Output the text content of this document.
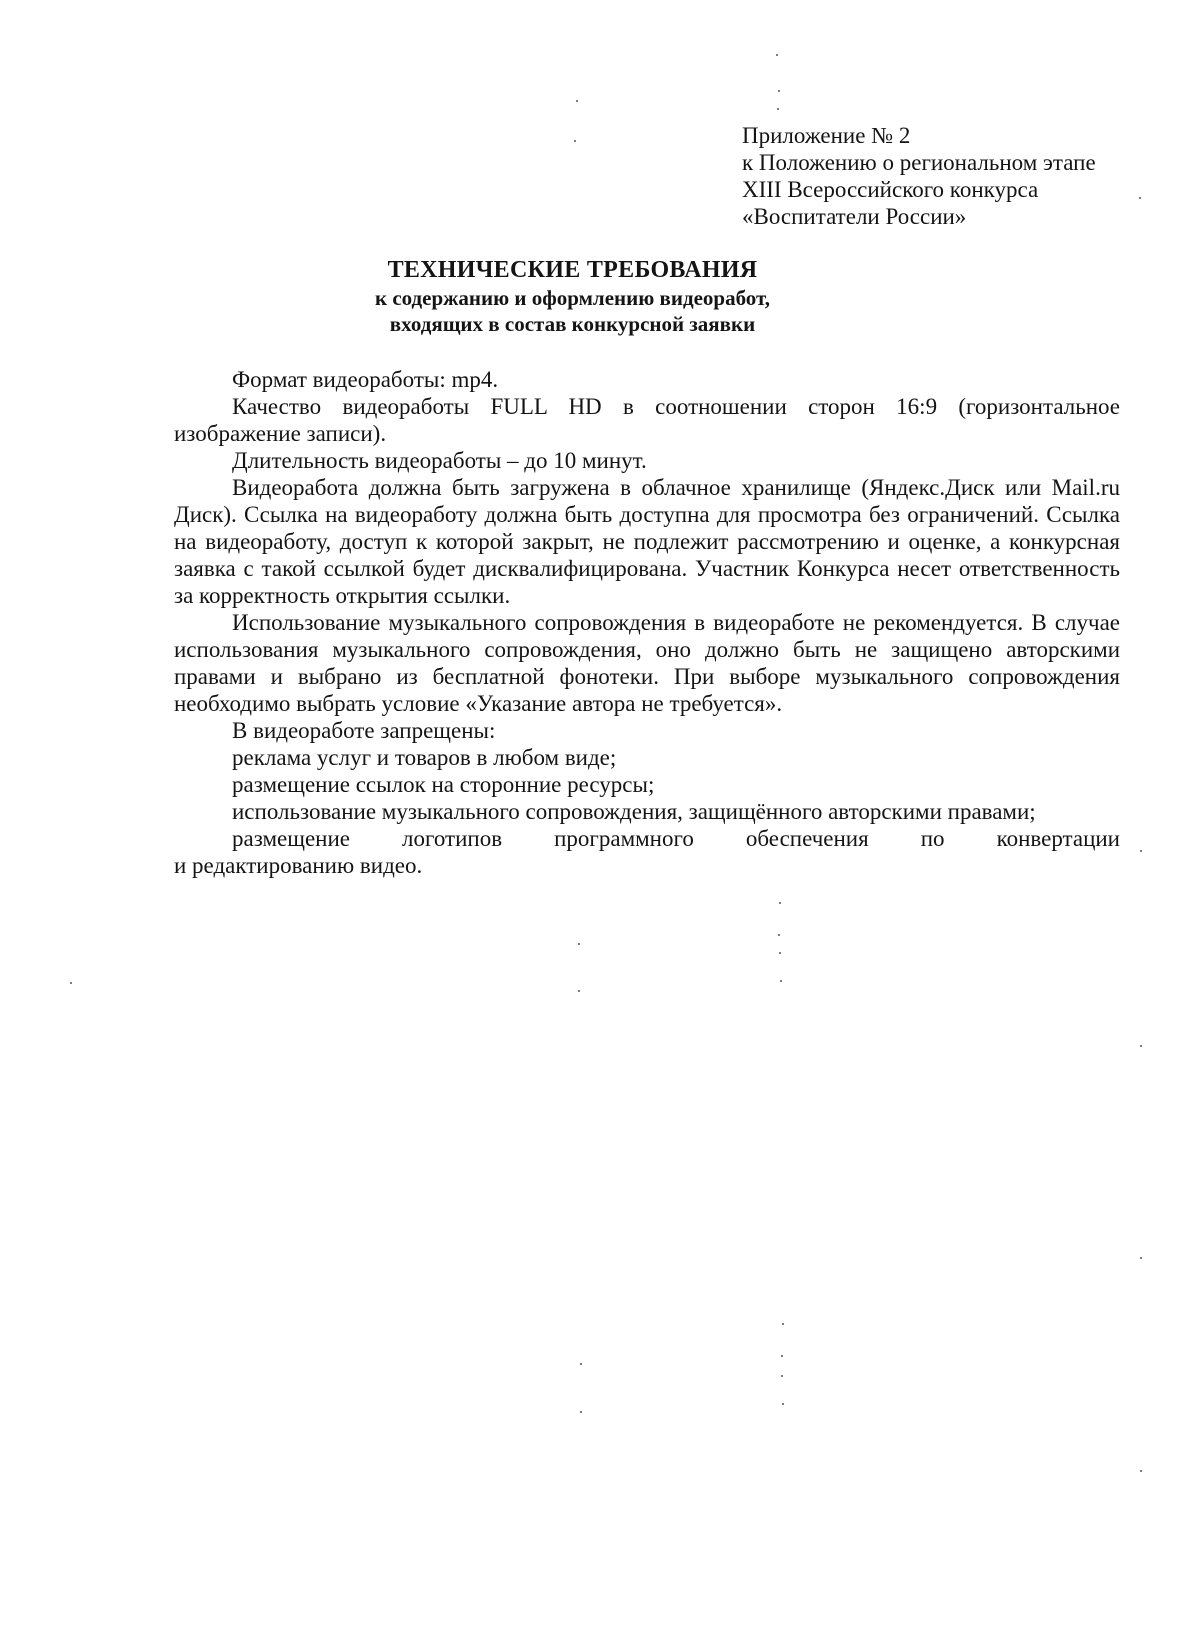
Приложение № 2
к Положению о региональном этапе
XIII Всероссийского конкурса
«Воспитатели России»
ТЕХНИЧЕСКИЕ ТРЕБОВАНИЯ
к содержанию и оформлению видеоработ,
входящих в состав конкурсной заявки

Формат видеоработы: mp4.

Качество видеоработы FULL HD в соотношении сторон 16:9 (горизонтальное изображение записи).

Длительность видеоработы – до 10 минут.

Видеоработа должна быть загружена в облачное хранилище (Яндекс.Диск или Mail.ru Диск). Ссылка на видеоработу должна быть доступна для просмотра без ограничений. Ссылка на видеоработу, доступ к которой закрыт, не подлежит рассмотрению и оценке, а конкурсная заявка с такой ссылкой будет дисквалифицирована. Участник Конкурса несет ответственность за корректность открытия ссылки.

Использование музыкального сопровождения в видеоработе не рекомендуется. В случае использования музыкального сопровождения, оно должно быть не защищено авторскими правами и выбрано из бесплатной фонотеки. При выборе музыкального сопровождения необходимо выбрать условие «Указание автора не требуется».

В видеоработе запрещены:

реклама услуг и товаров в любом виде;

размещение ссылок на сторонние ресурсы;

использование музыкального сопровождения, защищённого авторскими правами;

размещение логотипов программного обеспечения по конвертации

и редактированию видео.
